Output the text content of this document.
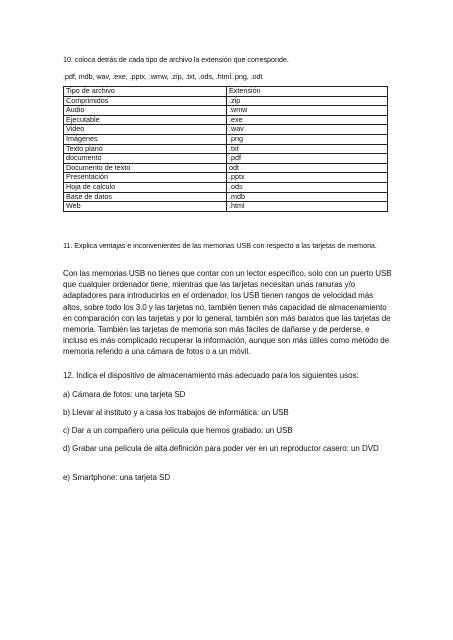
10. coloca detrás de cada tipo de archivo la extensión que corresponde.
.pdf, mdb, wav, .exe, .pptx, .wmw, .zip, .txt, .ods, .html. png, .odt
Tipo de archivo	Extensión
Comprimidos	.zip
Audio	.wmw
Ejecutable	.exe
Video	.wav
Imágenes	.png
Texto plano	.txt
documento	.pdf
Documento de texto	odt
Presentación	.pptx
Hoja de calculo	.ods
Base de datos	.mdb
Web	.html
11. Explica ventajas e inconvenientes de las memorias USB con respecto a las tarjetas de memoria.
Con las memorias USB no tienes que contar con un lector específico, solo con un puerto USB que cualquier ordenador tiene, mientras que las tarjetas necesitan unas ranuras y/o adaptadores para introducirlos en el ordenador, los USB tienen rangos de velocidad más altos, sobre todo los 3.0 y las tarjetas no, también tienen más capacidad de almacenamiento en comparación con las tarjetas y por lo general, también son más baratos que las tarjetas de memoria. También las tarjetas de memoria son más fáciles de dañarse y de perderse, e incluso es más complicado recuperar la información, aunque son más útiles como método de memoria referido a una cámara de fotos o a un móvil.
12. Indica el dispositivo de almacenamiento más adecuado para los siguientes usos:
a) Cámara de fotos: una tarjeta SD
b) Llevar al instituto y a casa los trabajos de informática: un USB
c) Dar a un compañero una película que hemos grabado: un USB
d) Grabar una película de alta definición para poder ver en un reproductor casero: un DVD
e) Smartphone: una tarjeta SD
